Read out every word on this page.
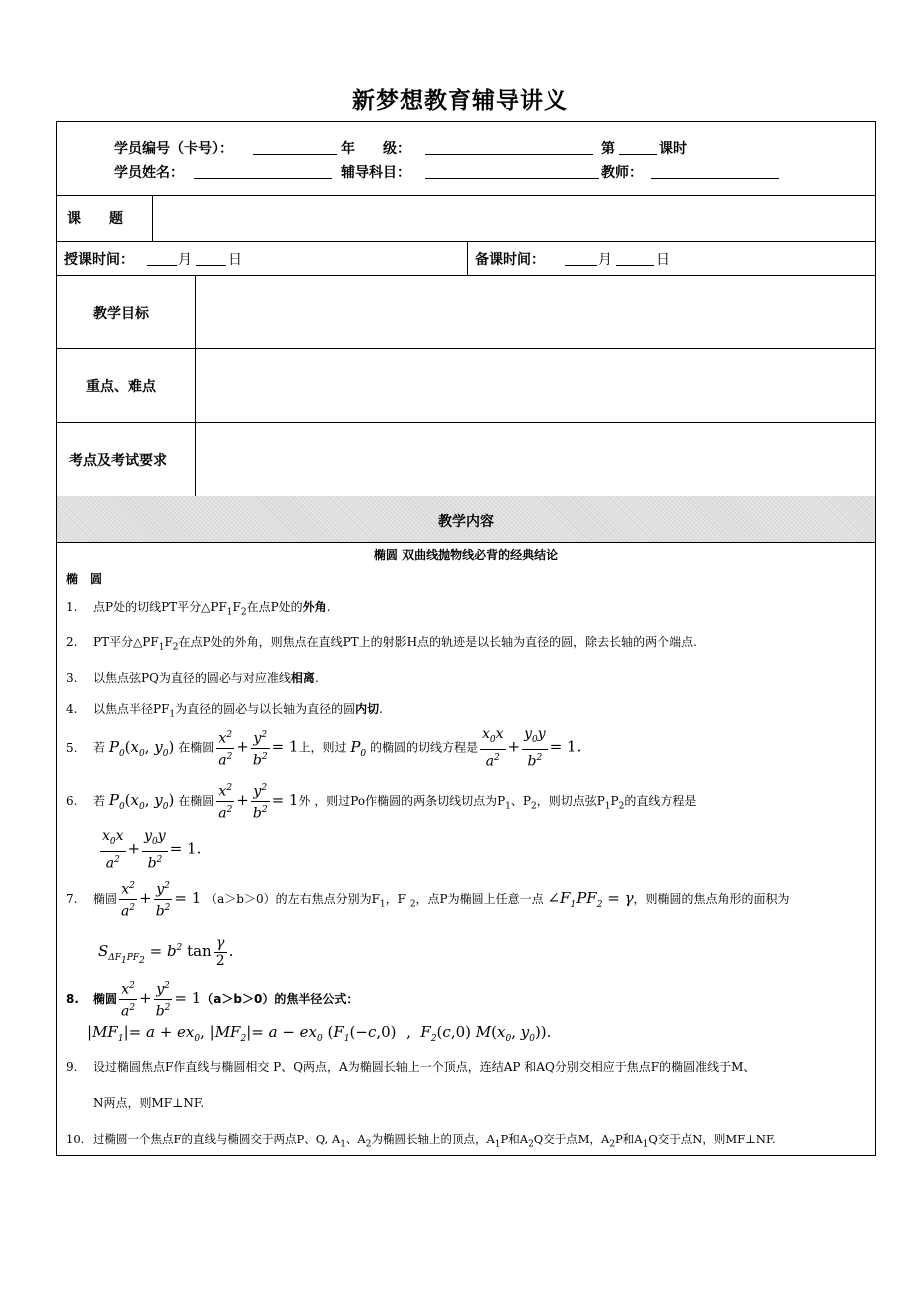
新梦想教育辅导讲义
学员编号（卡号）：	年　　级：	第	课时
学员姓名：	辅导科目：	教师：
课　　题
授课时间：	月	日	备课时间：	月	日
教学目标
重点、难点
考点及考试要求
教学内容
椭圆 双曲线抛物线必背的经典结论
椭　圆
1. 点P处的切线PT平分$\triangle PF_1F_2$在点P处的外角.
2. PT平分$\triangle PF_1F_2$在点P处的外角，则焦点在直线PT上的射影H点的轨迹是以长轴为直径的圆，除去长轴的两个端点.
3. 以焦点弦PQ为直径的圆必与对应准线相离.
4. 以焦点半径$PF_1$为直径的圆必与以长轴为直径的圆内切.
5. 若 $P_0(x_0$, $y_0$) 在椭圆 $\frac{x^2}{a^2} + \frac{y^2}{b^2} = 1$上，则过 $P_0$ 的椭圆的切线方程是 $\frac{x_0x}{a^2} + \frac{y_0y}{b^2} = 1$.
6. 若 $P_0(x_0$, $y_0$) 在椭圆 $\frac{x^2}{a^2} + \frac{y^2}{b^2} = 1$外 ，则过Po作椭圆的两条切线切点为$P_1$、$P_2$，则切点弦$P_1P_2$的直线方程是
$\frac{x_0x}{a^2} + \frac{y_0y}{b^2} = 1$.
7. 椭圆 $\frac{x^2}{a^2} + \frac{y^2}{b^2} = 1$ （a＞b＞0）的左右焦点分别为$F_1$，F $_2$，点P为椭圆上任意一点 $\angle F_1PF_2 = \gamma$，则椭圆的焦点角形的面积为
$S_{\Delta F_1PF_2} = b^2$ $\tan \frac{\gamma}{2}$ .
8. 椭圆 $\frac{x^2}{a^2} + \frac{y^2}{b^2} = 1(a>b>0)$的焦半径公式：
$|MF_1|= a + ex_0$, $|MF_2|= a - ex_0$ ($F_1(-c,0)$  ,  $F_2(c,0)$ $M(x_0$, $y_0$)).
9. 设过椭圆焦点F作直线与椭圆相交 P、Q两点，A为椭圆长轴上一个顶点，连结AP 和AQ分别交相应于焦点F的椭圆准线于M、
N两点，则MF⊥NF.
10. 过椭圆一个焦点F的直线与椭圆交于两点P、Q, $A_1$、$A_2$为椭圆长轴上的顶点，$A_1P$和$A_2Q$交于点M，$A_2P$和$A_1Q$交于点N，则MF⊥NF.
